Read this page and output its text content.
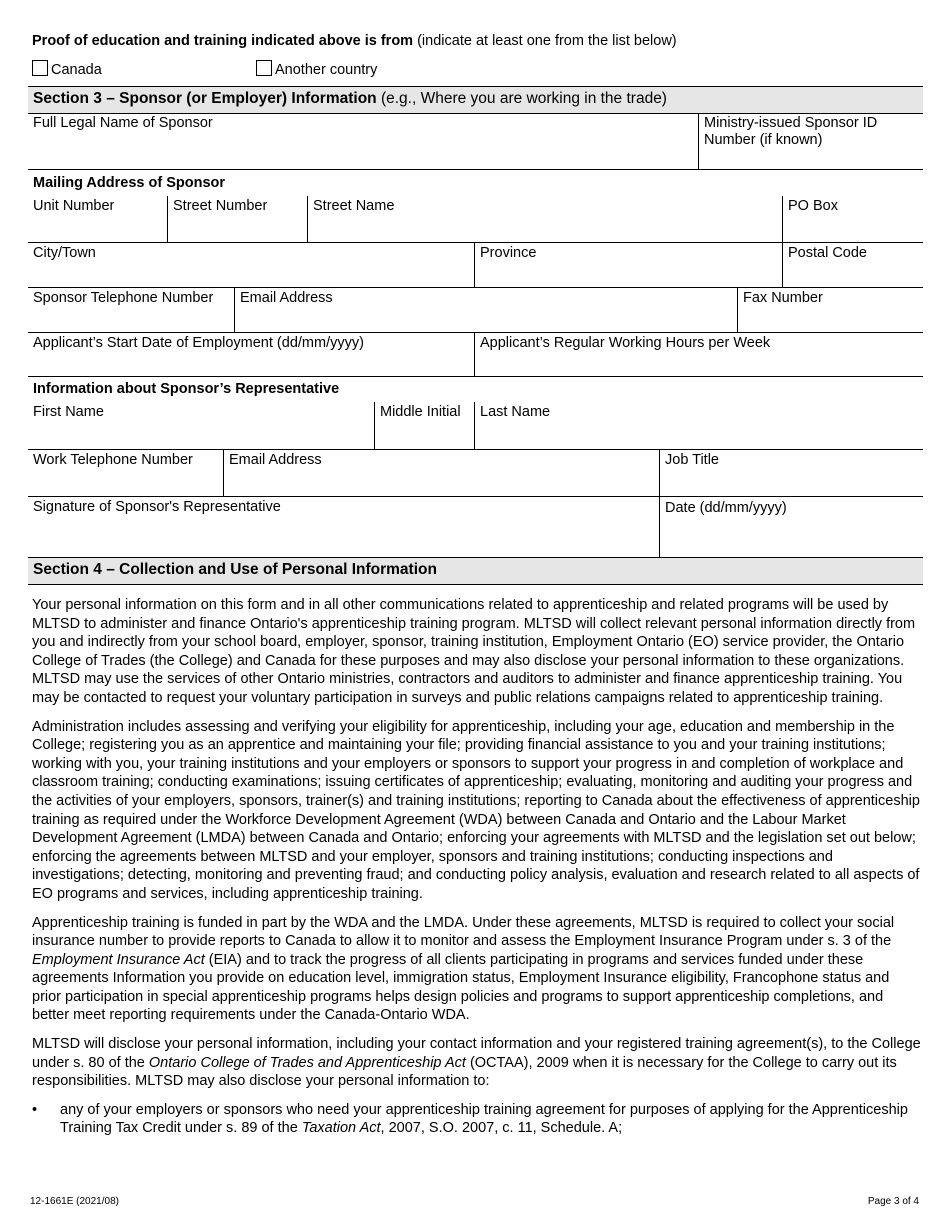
Proof of education and training indicated above is from (indicate at least one from the list below)
Canada	Another country
Section 3 – Sponsor (or Employer) Information (e.g., Where you are working in the trade)
Full Legal Name of Sponsor	Ministry-issued Sponsor ID Number (if known)
Mailing Address of Sponsor
Unit Number	Street Number	Street Name	PO Box
City/Town	Province	Postal Code
Sponsor Telephone Number	Email Address	Fax Number
Applicant’s Start Date of Employment (dd/mm/yyyy)	Applicant’s Regular Working Hours per Week
Information about Sponsor’s Representative
First Name	Middle Initial	Last Name
Work Telephone Number	Email Address	Job Title
Signature of Sponsor's Representative	Date (dd/mm/yyyy)
Section 4 – Collection and Use of Personal Information

Your personal information on this form and in all other communications related to apprenticeship and related programs will be used by MLTSD to administer and finance Ontario's apprenticeship training program. MLTSD will collect relevant personal information directly from you and indirectly from your school board, employer, sponsor, training institution, Employment Ontario (EO) service provider, the Ontario College of Trades (the College) and Canada for these purposes and may also disclose your personal information to these organizations. MLTSD may use the services of other Ontario ministries, contractors and auditors to administer and finance apprenticeship training. You may be contacted to request your voluntary participation in surveys and public relations campaigns related to apprenticeship training.

Administration includes assessing and verifying your eligibility for apprenticeship, including your age, education and membership in the College; registering you as an apprentice and maintaining your file; providing financial assistance to you and your training institutions; working with you, your training institutions and your employers or sponsors to support your progress in and completion of workplace and classroom training; conducting examinations; issuing certificates of apprenticeship; evaluating, monitoring and auditing your progress and the activities of your employers, sponsors, trainer(s) and training institutions; reporting to Canada about the effectiveness of apprenticeship training as required under the Workforce Development Agreement (WDA) between Canada and Ontario and the Labour Market Development Agreement (LMDA) between Canada and Ontario; enforcing your agreements with MLTSD and the legislation set out below; enforcing the agreements between MLTSD and your employer, sponsors and training institutions; conducting inspections and investigations; detecting, monitoring and preventing fraud; and conducting policy analysis, evaluation and research related to all aspects of EO programs and services, including apprenticeship training.

Apprenticeship training is funded in part by the WDA and the LMDA. Under these agreements, MLTSD is required to collect your social insurance number to provide reports to Canada to allow it to monitor and assess the Employment Insurance Program under s. 3 of the Employment Insurance Act (EIA) and to track the progress of all clients participating in programs and services funded under these agreements Information you provide on education level, immigration status, Employment Insurance eligibility, Francophone status and prior participation in special apprenticeship programs helps design policies and programs to support apprenticeship completions, and better meet reporting requirements under the Canada-Ontario WDA.

MLTSD will disclose your personal information, including your contact information and your registered training agreement(s), to the College under s. 80 of the Ontario College of Trades and Apprenticeship Act (OCTAA), 2009 when it is necessary for the College to carry out its responsibilities. MLTSD may also disclose your personal information to:

•	any of your employers or sponsors who need your apprenticeship training agreement for purposes of applying for the Apprenticeship Training Tax Credit under s. 89 of the Taxation Act, 2007, S.O. 2007, c. 11, Schedule. A;
12-1661E (2021/08)	Page 3 of 4
